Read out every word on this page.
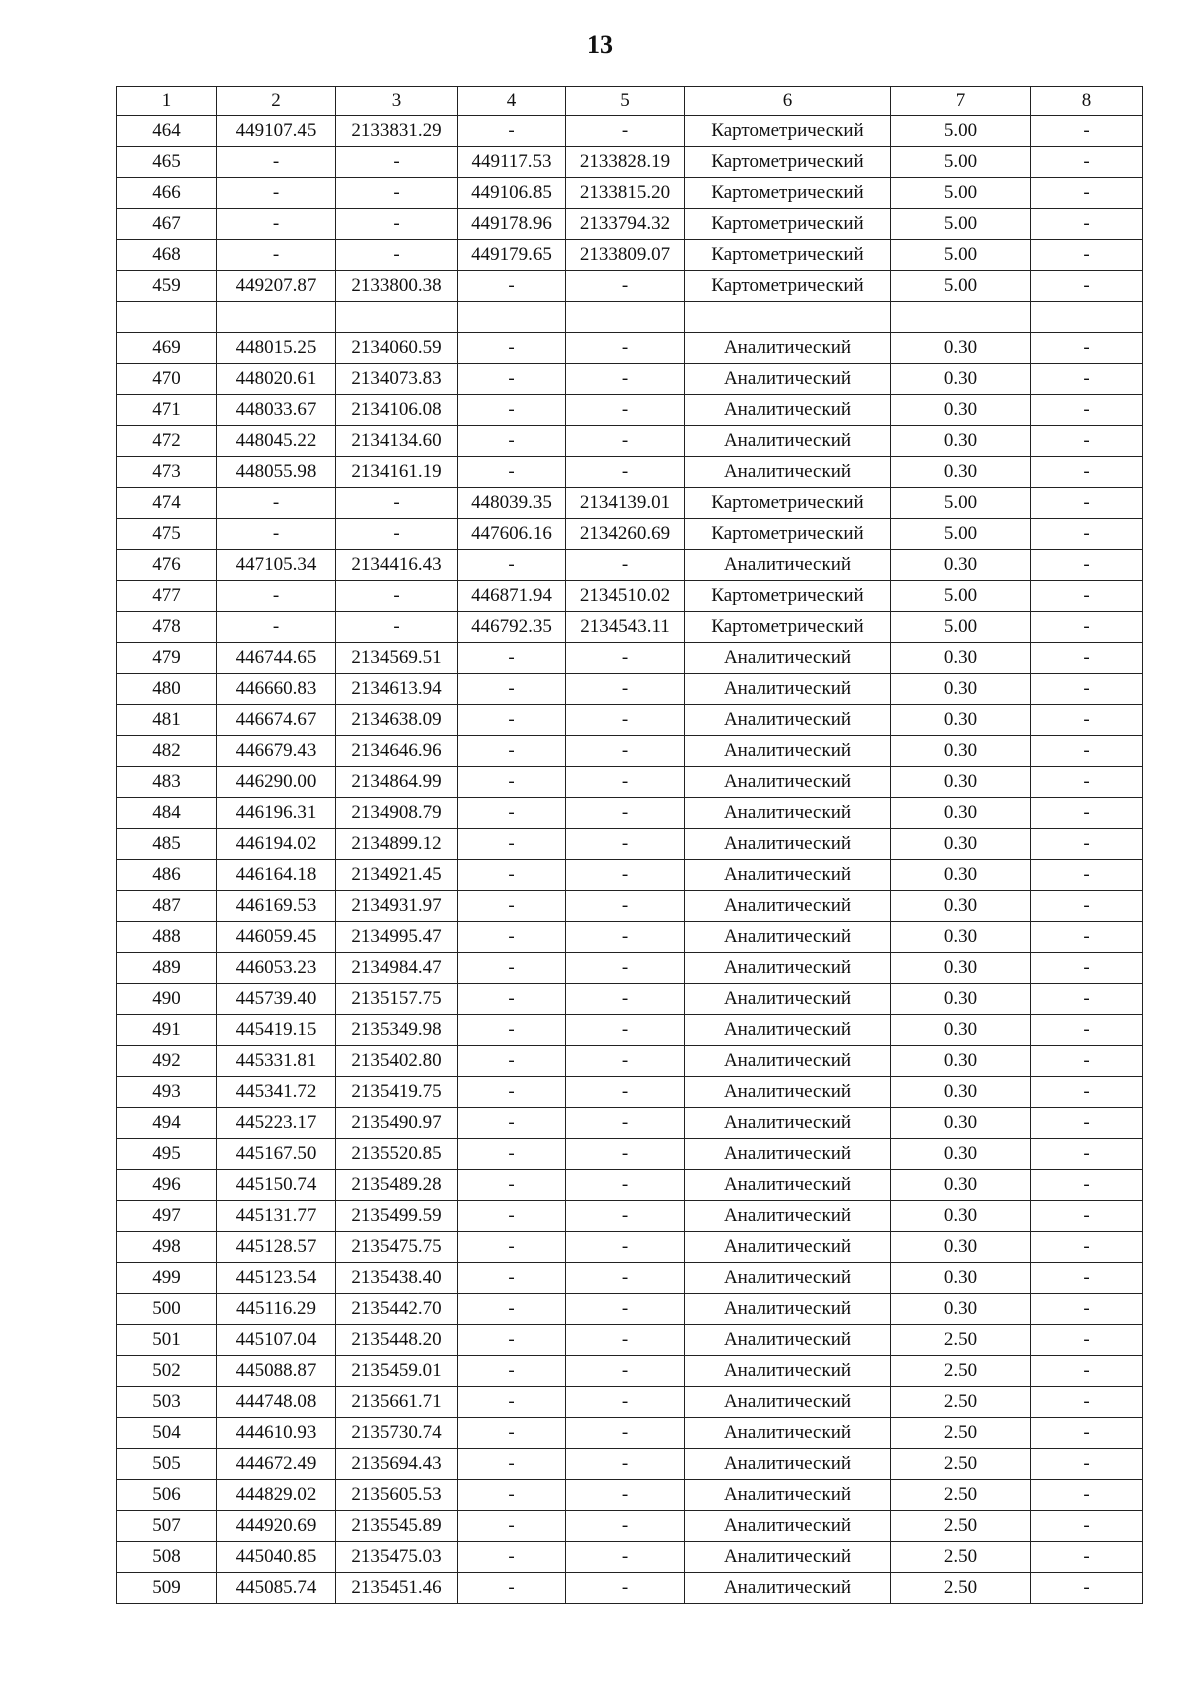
13
1	2	3	4	5	6	7	8
464	449107.45	2133831.29	-	-	Картометрический	5.00	-
465	-	-	449117.53	2133828.19	Картометрический	5.00	-
466	-	-	449106.85	2133815.20	Картометрический	5.00	-
467	-	-	449178.96	2133794.32	Картометрический	5.00	-
468	-	-	449179.65	2133809.07	Картометрический	5.00	-
459	449207.87	2133800.38	-	-	Картометрический	5.00	-

469	448015.25	2134060.59	-	-	Аналитический	0.30	-
470	448020.61	2134073.83	-	-	Аналитический	0.30	-
471	448033.67	2134106.08	-	-	Аналитический	0.30	-
472	448045.22	2134134.60	-	-	Аналитический	0.30	-
473	448055.98	2134161.19	-	-	Аналитический	0.30	-
474	-	-	448039.35	2134139.01	Картометрический	5.00	-
475	-	-	447606.16	2134260.69	Картометрический	5.00	-
476	447105.34	2134416.43	-	-	Аналитический	0.30	-
477	-	-	446871.94	2134510.02	Картометрический	5.00	-
478	-	-	446792.35	2134543.11	Картометрический	5.00	-
479	446744.65	2134569.51	-	-	Аналитический	0.30	-
480	446660.83	2134613.94	-	-	Аналитический	0.30	-
481	446674.67	2134638.09	-	-	Аналитический	0.30	-
482	446679.43	2134646.96	-	-	Аналитический	0.30	-
483	446290.00	2134864.99	-	-	Аналитический	0.30	-
484	446196.31	2134908.79	-	-	Аналитический	0.30	-
485	446194.02	2134899.12	-	-	Аналитический	0.30	-
486	446164.18	2134921.45	-	-	Аналитический	0.30	-
487	446169.53	2134931.97	-	-	Аналитический	0.30	-
488	446059.45	2134995.47	-	-	Аналитический	0.30	-
489	446053.23	2134984.47	-	-	Аналитический	0.30	-
490	445739.40	2135157.75	-	-	Аналитический	0.30	-
491	445419.15	2135349.98	-	-	Аналитический	0.30	-
492	445331.81	2135402.80	-	-	Аналитический	0.30	-
493	445341.72	2135419.75	-	-	Аналитический	0.30	-
494	445223.17	2135490.97	-	-	Аналитический	0.30	-
495	445167.50	2135520.85	-	-	Аналитический	0.30	-
496	445150.74	2135489.28	-	-	Аналитический	0.30	-
497	445131.77	2135499.59	-	-	Аналитический	0.30	-
498	445128.57	2135475.75	-	-	Аналитический	0.30	-
499	445123.54	2135438.40	-	-	Аналитический	0.30	-
500	445116.29	2135442.70	-	-	Аналитический	0.30	-
501	445107.04	2135448.20	-	-	Аналитический	2.50	-
502	445088.87	2135459.01	-	-	Аналитический	2.50	-
503	444748.08	2135661.71	-	-	Аналитический	2.50	-
504	444610.93	2135730.74	-	-	Аналитический	2.50	-
505	444672.49	2135694.43	-	-	Аналитический	2.50	-
506	444829.02	2135605.53	-	-	Аналитический	2.50	-
507	444920.69	2135545.89	-	-	Аналитический	2.50	-
508	445040.85	2135475.03	-	-	Аналитический	2.50	-
509	445085.74	2135451.46	-	-	Аналитический	2.50	-
